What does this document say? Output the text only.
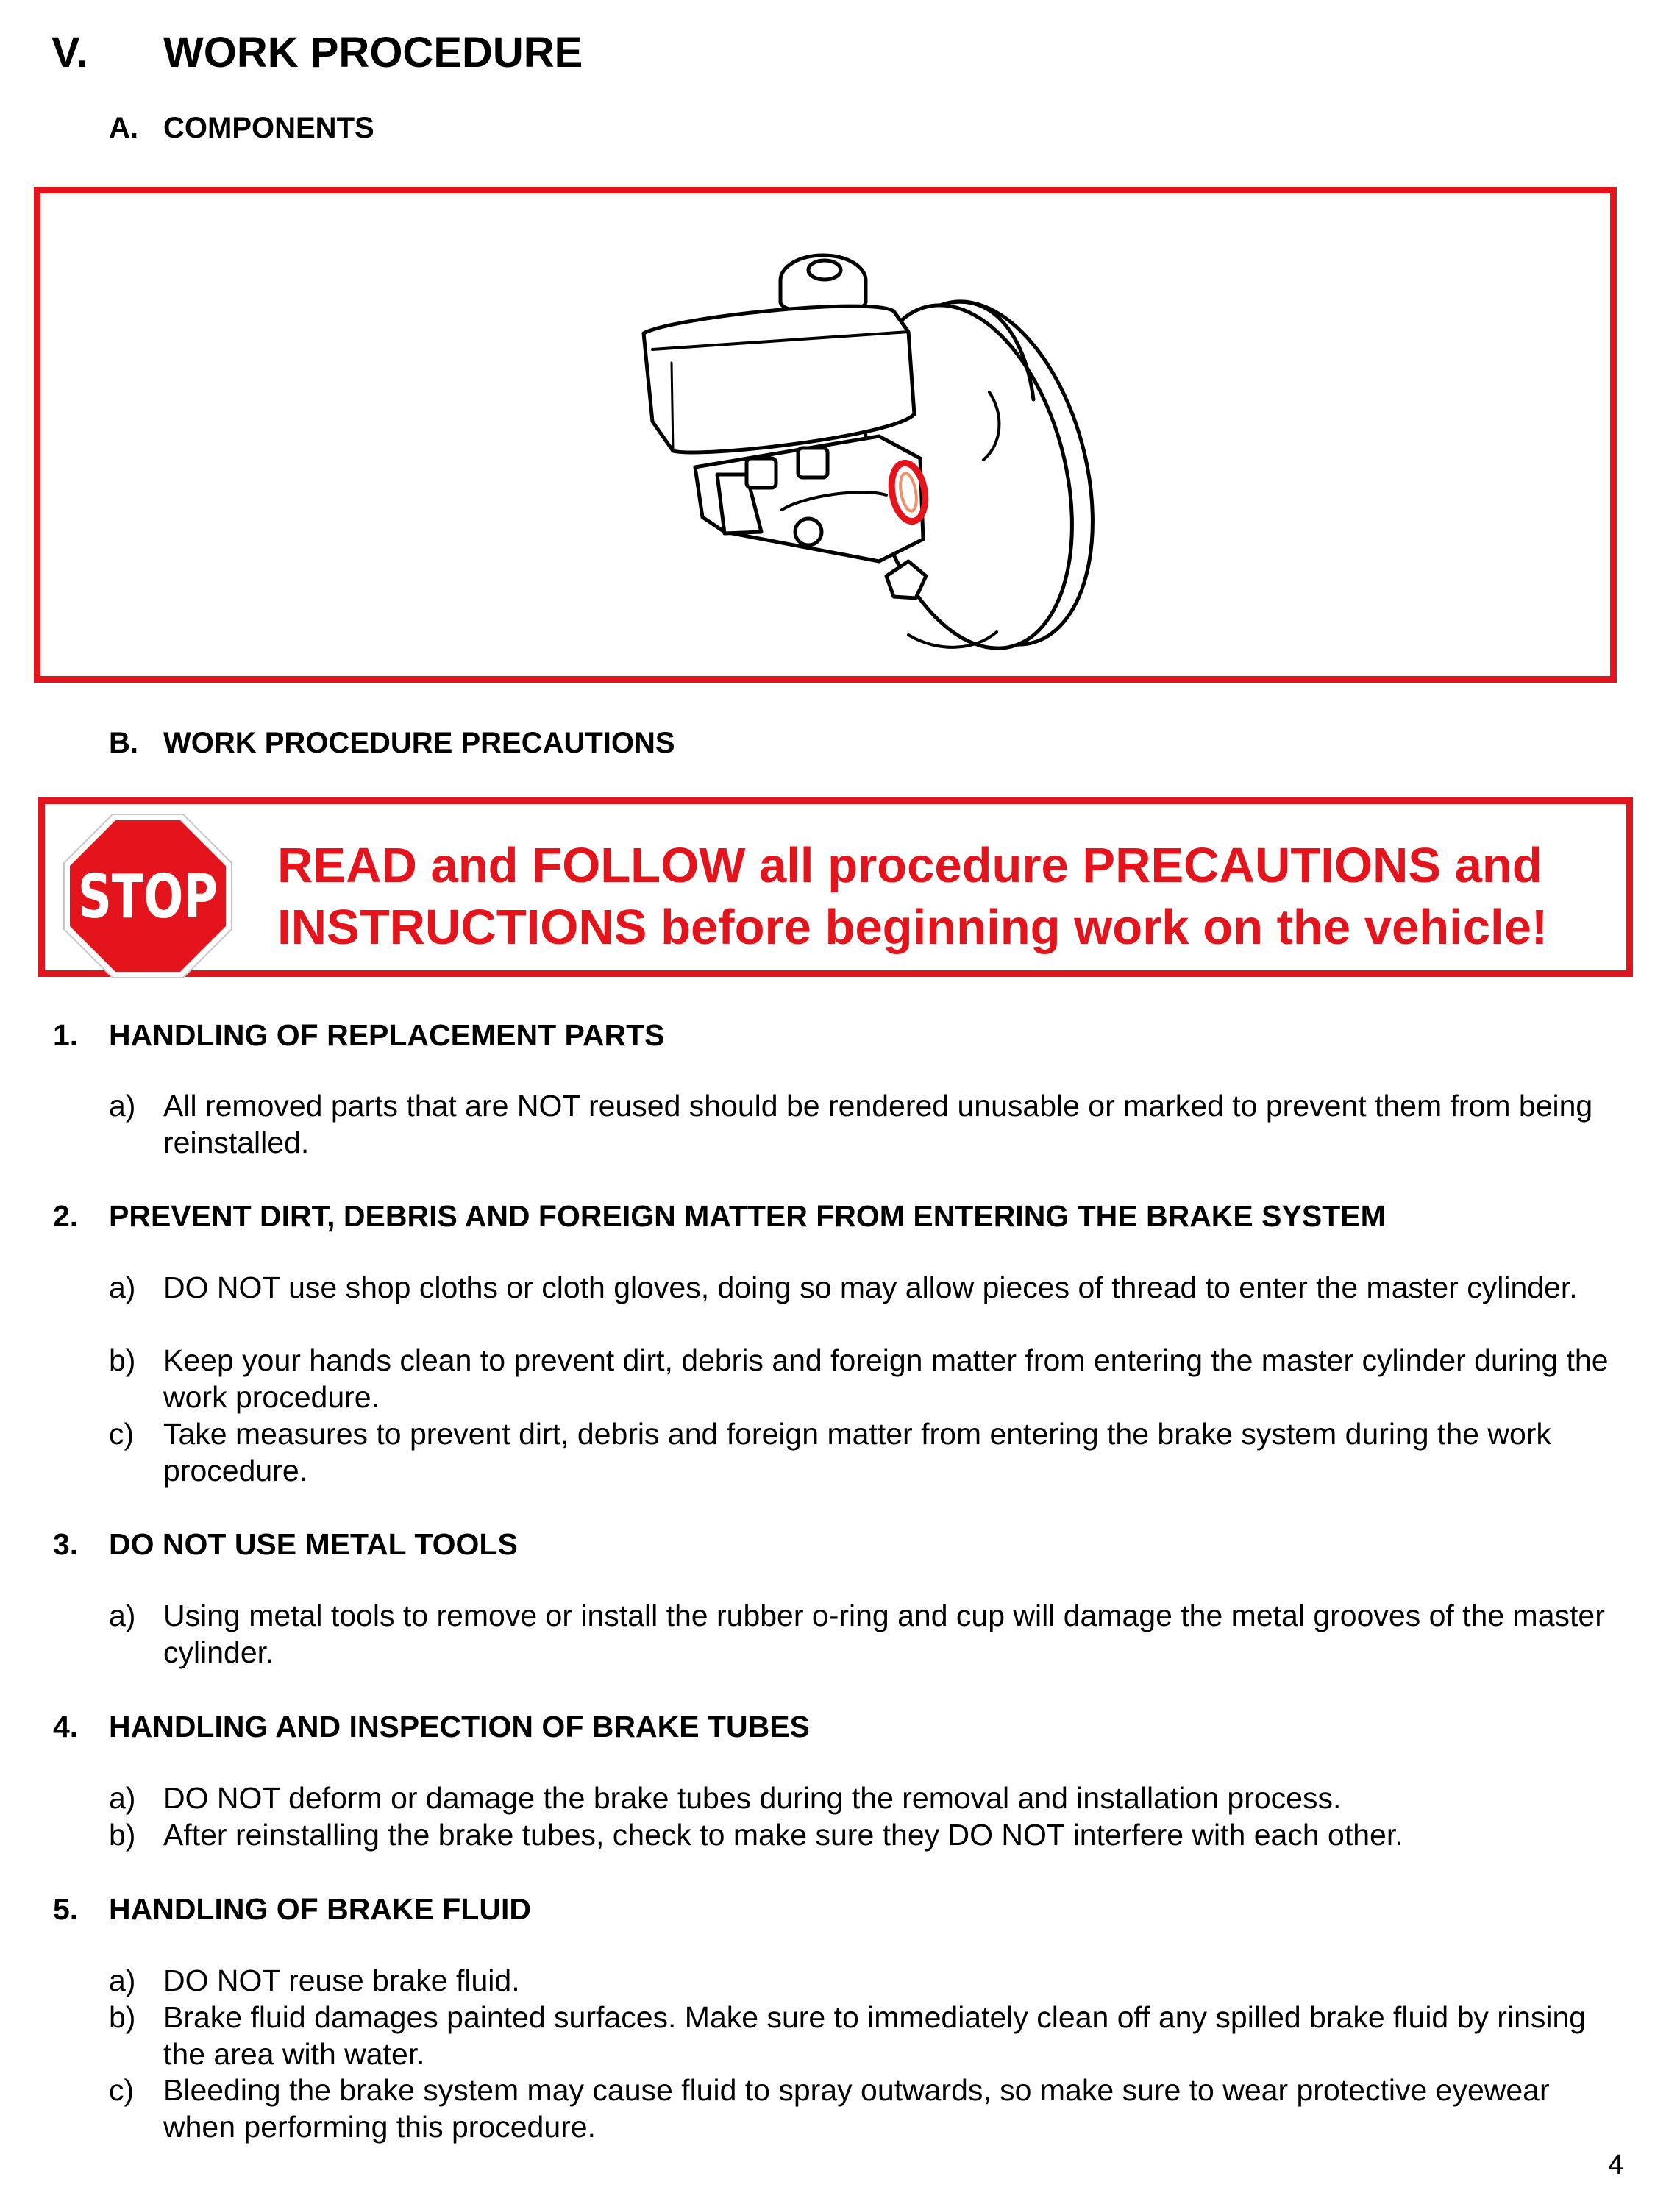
V. WORK PROCEDURE
A. COMPONENTS
B. WORK PROCEDURE PRECAUTIONS
STOP READ and FOLLOW all procedure PRECAUTIONS and
INSTRUCTIONS before beginning work on the vehicle!
1. HANDLING OF REPLACEMENT PARTS
a) All removed parts that are NOT reused should be rendered unusable or marked to prevent them from being reinstalled.
2. PREVENT DIRT, DEBRIS AND FOREIGN MATTER FROM ENTERING THE BRAKE SYSTEM
a) DO NOT use shop cloths or cloth gloves, doing so may allow pieces of thread to enter the master cylinder.
b) Keep your hands clean to prevent dirt, debris and foreign matter from entering the master cylinder during the work procedure.
c) Take measures to prevent dirt, debris and foreign matter from entering the brake system during the work procedure.
3. DO NOT USE METAL TOOLS
a) Using metal tools to remove or install the rubber o-ring and cup will damage the metal grooves of the master cylinder.
4. HANDLING AND INSPECTION OF BRAKE TUBES
a) DO NOT deform or damage the brake tubes during the removal and installation process.
b) After reinstalling the brake tubes, check to make sure they DO NOT interfere with each other.
5. HANDLING OF BRAKE FLUID
a) DO NOT reuse brake fluid.
b) Brake fluid damages painted surfaces. Make sure to immediately clean off any spilled brake fluid by rinsing the area with water.
c) Bleeding the brake system may cause fluid to spray outwards, so make sure to wear protective eyewear when performing this procedure.
4
